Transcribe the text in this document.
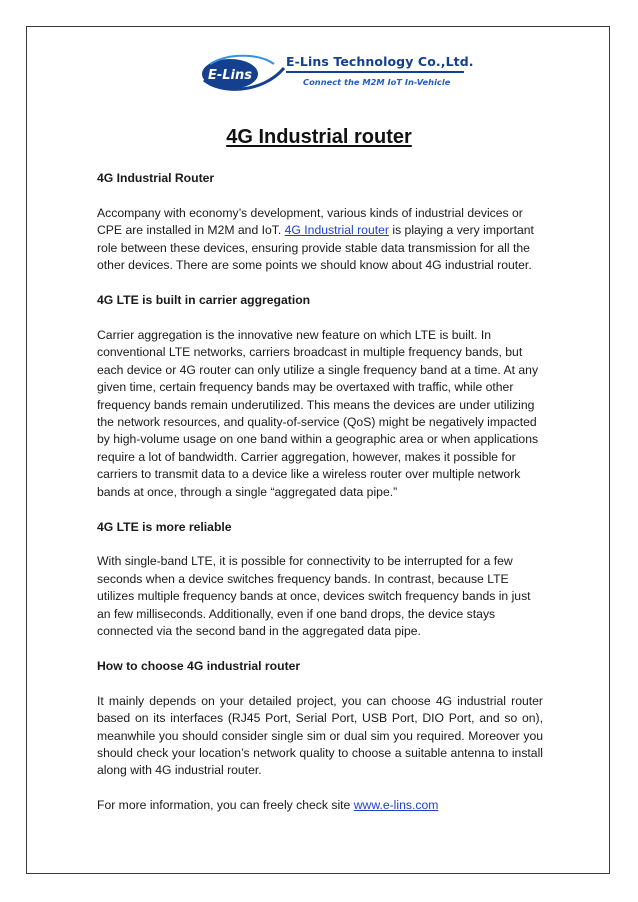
E-Lins
E-Lins Technology Co.,Ltd.
Connect the M2M IoT In-Vehicle
4G Industrial router

4G Industrial Router

Accompany with economy’s development, various kinds of industrial devices or CPE are installed in M2M and IoT. 4G Industrial router is playing a very important role between these devices, ensuring provide stable data transmission for all the other devices. There are some points we should know about 4G industrial router.

4G LTE is built in carrier aggregation

Carrier aggregation is the innovative new feature on which LTE is built. In conventional LTE networks, carriers broadcast in multiple frequency bands, but each device or 4G router can only utilize a single frequency band at a time. At any given time, certain frequency bands may be overtaxed with traffic, while other frequency bands remain underutilized. This means the devices are under utilizing the network resources, and quality-of-service (QoS) might be negatively impacted by high-volume usage on one band within a geographic area or when applications require a lot of bandwidth. Carrier aggregation, however, makes it possible for carriers to transmit data to a device like a wireless router over multiple network bands at once, through a single “aggregated data pipe.”

4G LTE is more reliable

With single-band LTE, it is possible for connectivity to be interrupted for a few seconds when a device switches frequency bands. In contrast, because LTE utilizes multiple frequency bands at once, devices switch frequency bands in just an few milliseconds. Additionally, even if one band drops, the device stays connected via the second band in the aggregated data pipe.

How to choose 4G industrial router

It mainly depends on your detailed project, you can choose 4G industrial router based on its interfaces (RJ45 Port, Serial Port, USB Port, DIO Port, and so on), meanwhile you should consider single sim or dual sim you required. Moreover you should check your location’s network quality to choose a suitable antenna to install along with 4G industrial router.

For more information, you can freely check site www.e-lins.com
